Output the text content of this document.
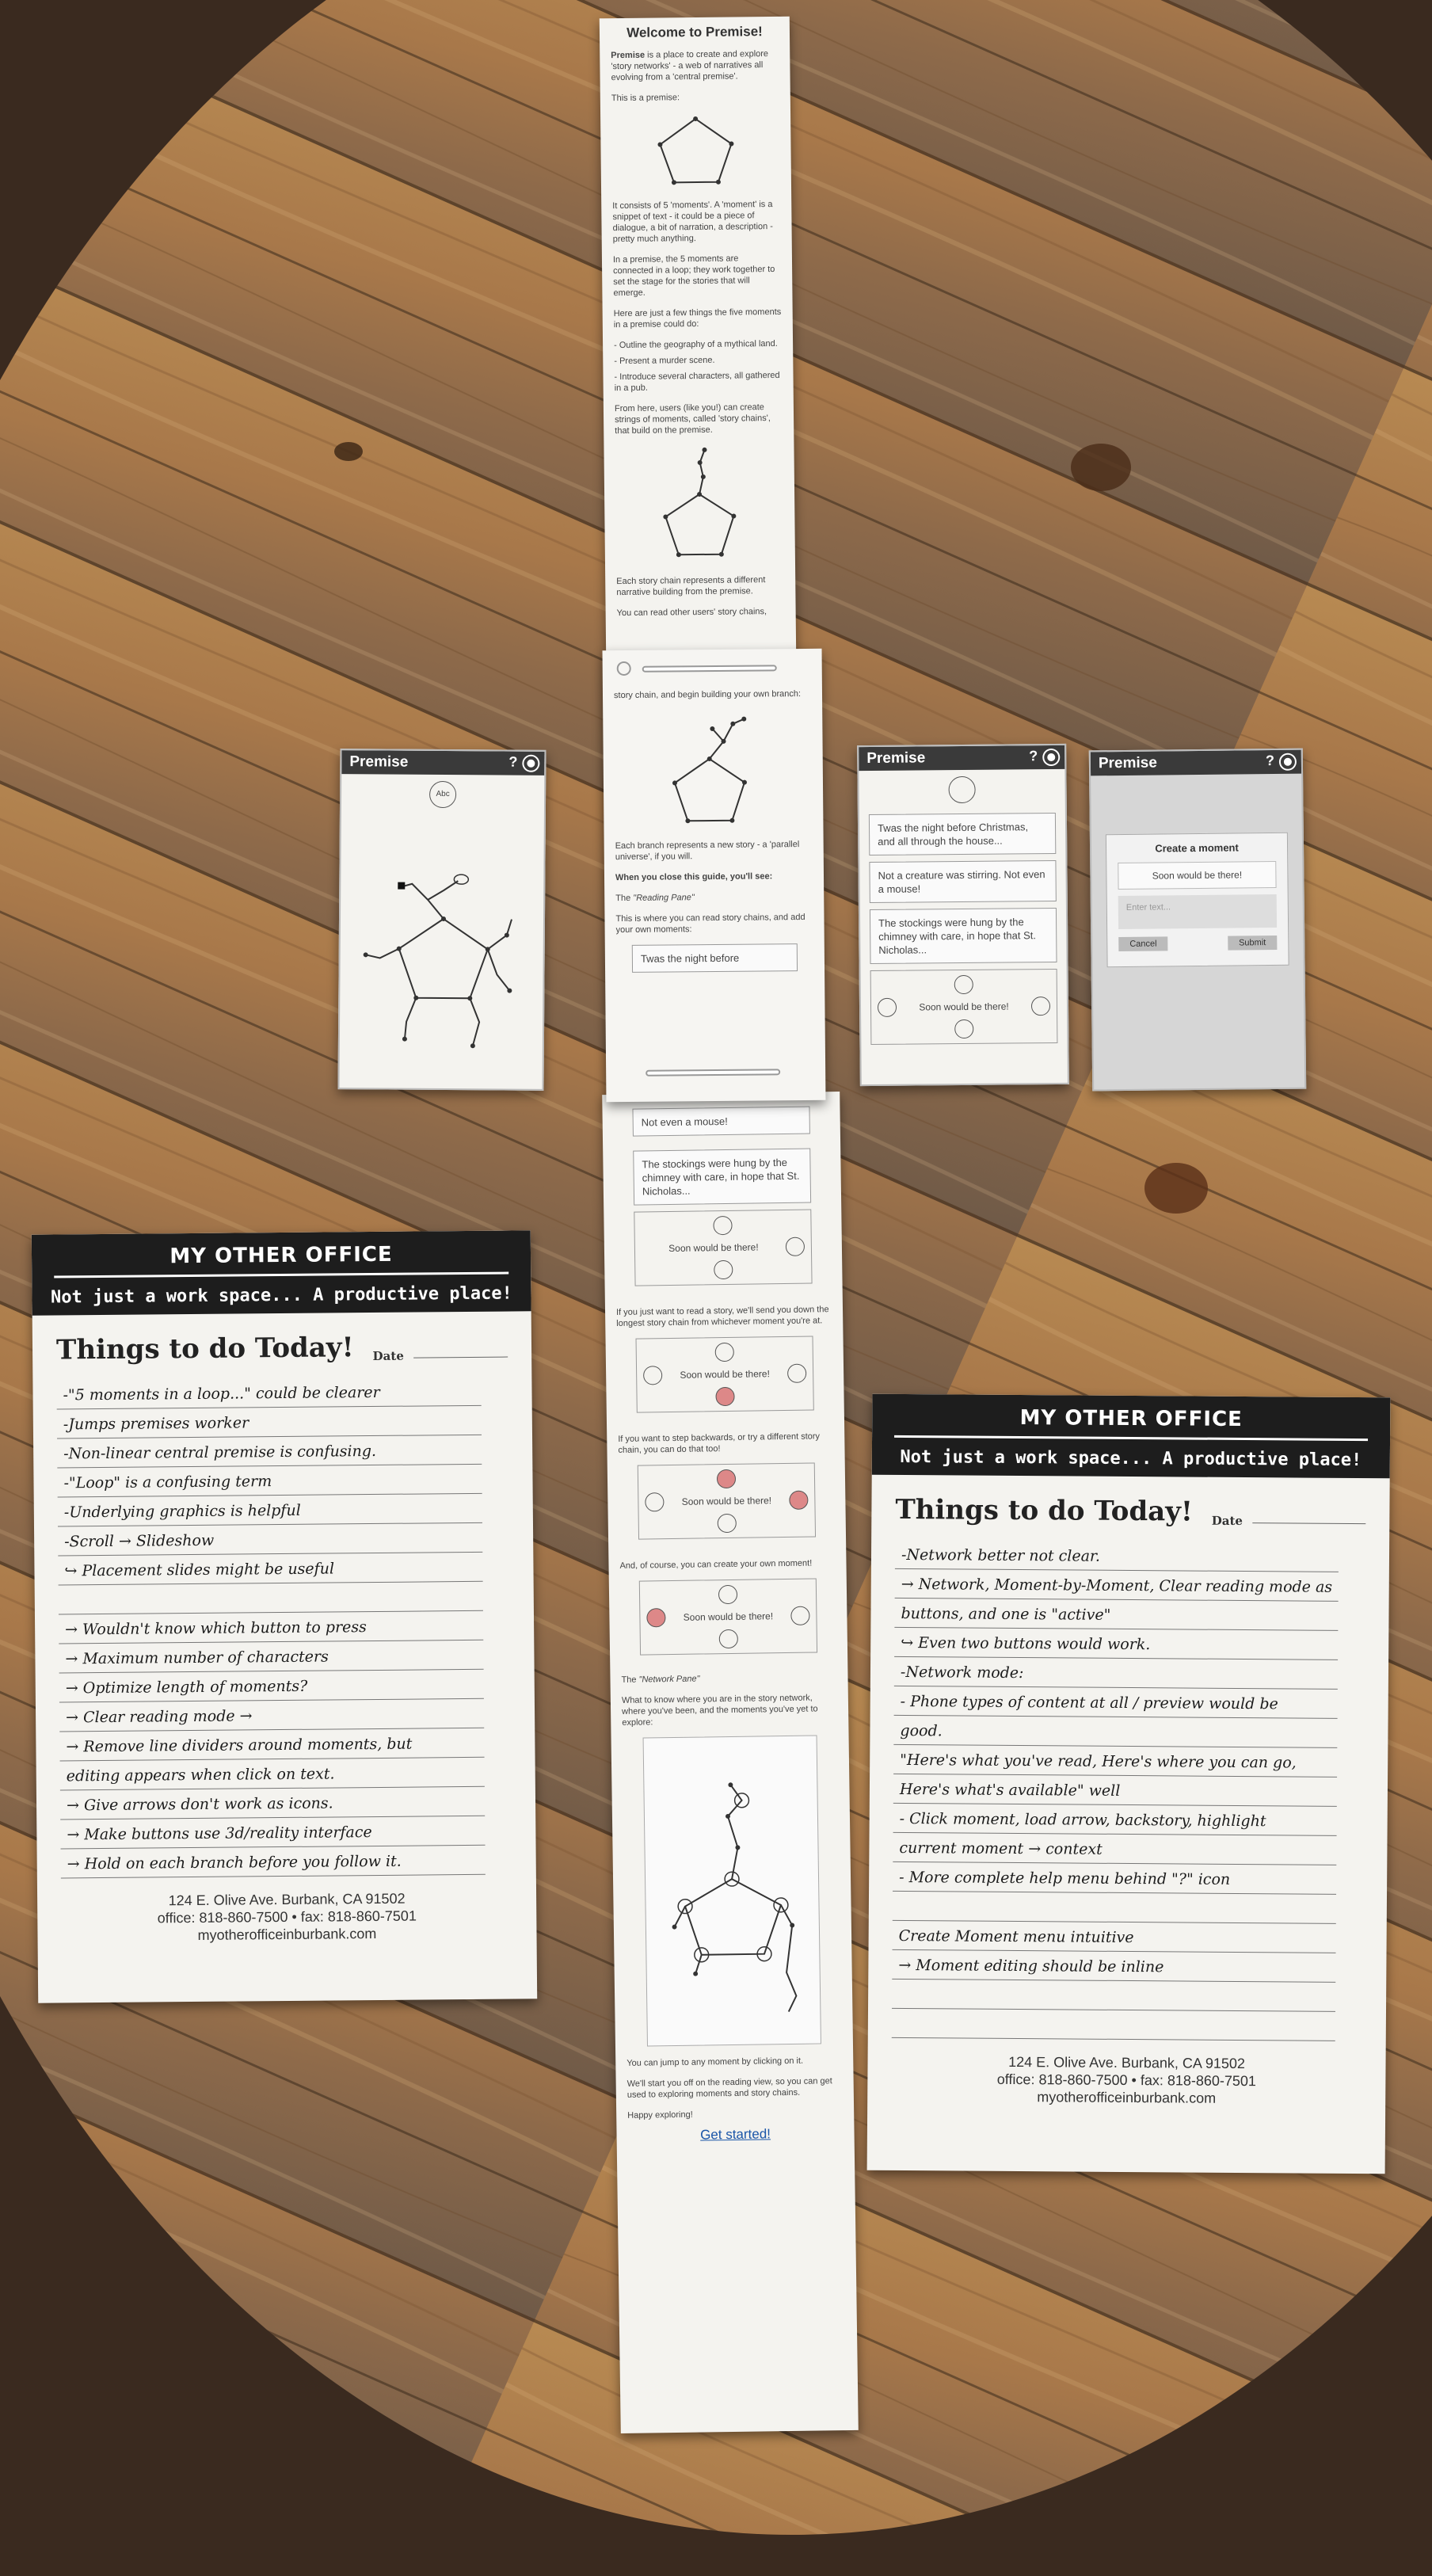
Welcome to Premise!

Premise is a place to create and explore 'story networks' - a web of narratives all evolving from a 'central premise'.

This is a premise:

It consists of 5 'moments'. A 'moment' is a snippet of text - it could be a piece of dialogue, a bit of narration, a description - pretty much anything.

In a premise, the 5 moments are connected in a loop; they work together to set the stage for the stories that will emerge.

Here are just a few things the five moments in a premise could do:

- Outline the geography of a mythical land.
- Present a murder scene.
- Introduce several characters, all gathered in a pub.

From here, users (like you!) can create strings of moments, called 'story chains', that build on the premise.

Each story chain represents a different narrative building from the premise.

You can read other users' story chains,

Not even a mouse!
The stockings were hung by the chimney with care, in hope that St. Nicholas...
Soon would be there!

If you just want to read a story, we'll send you down the longest story chain from whichever moment you're at.

Soon would be there!

If you want to step backwards, or try a different story chain, you can do that too!

Soon would be there!

And, of course, you can create your own moment!

Soon would be there!

The "Network Pane"

What to know where you are in the story network, where you've been, and the moments you've yet to explore:

You can jump to any moment by clicking on it.

We'll start you off on the reading view, so you can get used to exploring moments and story chains.

Happy exploring!

Get started!

story chain, and begin building your own branch:

Each branch represents a new story - a 'parallel universe', if you will.

When you close this guide, you'll see:

The "Reading Pane"

This is where you can read story chains, and add your own moments:

Twas the night before
Premise	?
Abc
Premise	?
Twas the night before Christmas, and all through the house...
Not a creature was stirring. Not even a mouse!
The stockings were hung by the chimney with care, in hope that St. Nicholas...
Soon would be there!
Premise	?
Create a moment
Soon would be there!
Enter text...
Cancel	Submit
MY OTHER OFFICE
Not just a work space... A productive place!
Things to do Today! Date
-"5 moments in a loop..." could be clearer
-Jumps premises worker
-Non-linear central premise is confusing.
-"Loop" is a confusing term
-Underlying graphics is helpful
-Scroll → Slideshow
↪ Placement slides might be useful
→ Wouldn't know which button to press
→ Maximum number of characters
→ Optimize length of moments?
→ Clear reading mode →
→ Remove line dividers around moments, but
editing appears when click on text.
→ Give arrows don't work as icons.
→ Make buttons use 3d/reality interface
→ Hold on each branch before you follow it.
124 E. Olive Ave. Burbank, CA 91502
office: 818-860-7500 • fax: 818-860-7501
myotherofficeinburbank.com
MY OTHER OFFICE
Not just a work space... A productive place!
Things to do Today! Date
-Network better not clear.
→ Network, Moment-by-Moment, Clear reading mode as
buttons, and one is "active"
↪ Even two buttons would work.
-Network mode:
- Phone types of content at all / preview would be
good.
"Here's what you've read, Here's where you can go,
Here's what's available" well
- Click moment, load arrow, backstory, highlight
current moment → context
- More complete help menu behind "?" icon
Create Moment menu intuitive
→ Moment editing should be inline
124 E. Olive Ave. Burbank, CA 91502
office: 818-860-7500 • fax: 818-860-7501
myotherofficeinburbank.com
